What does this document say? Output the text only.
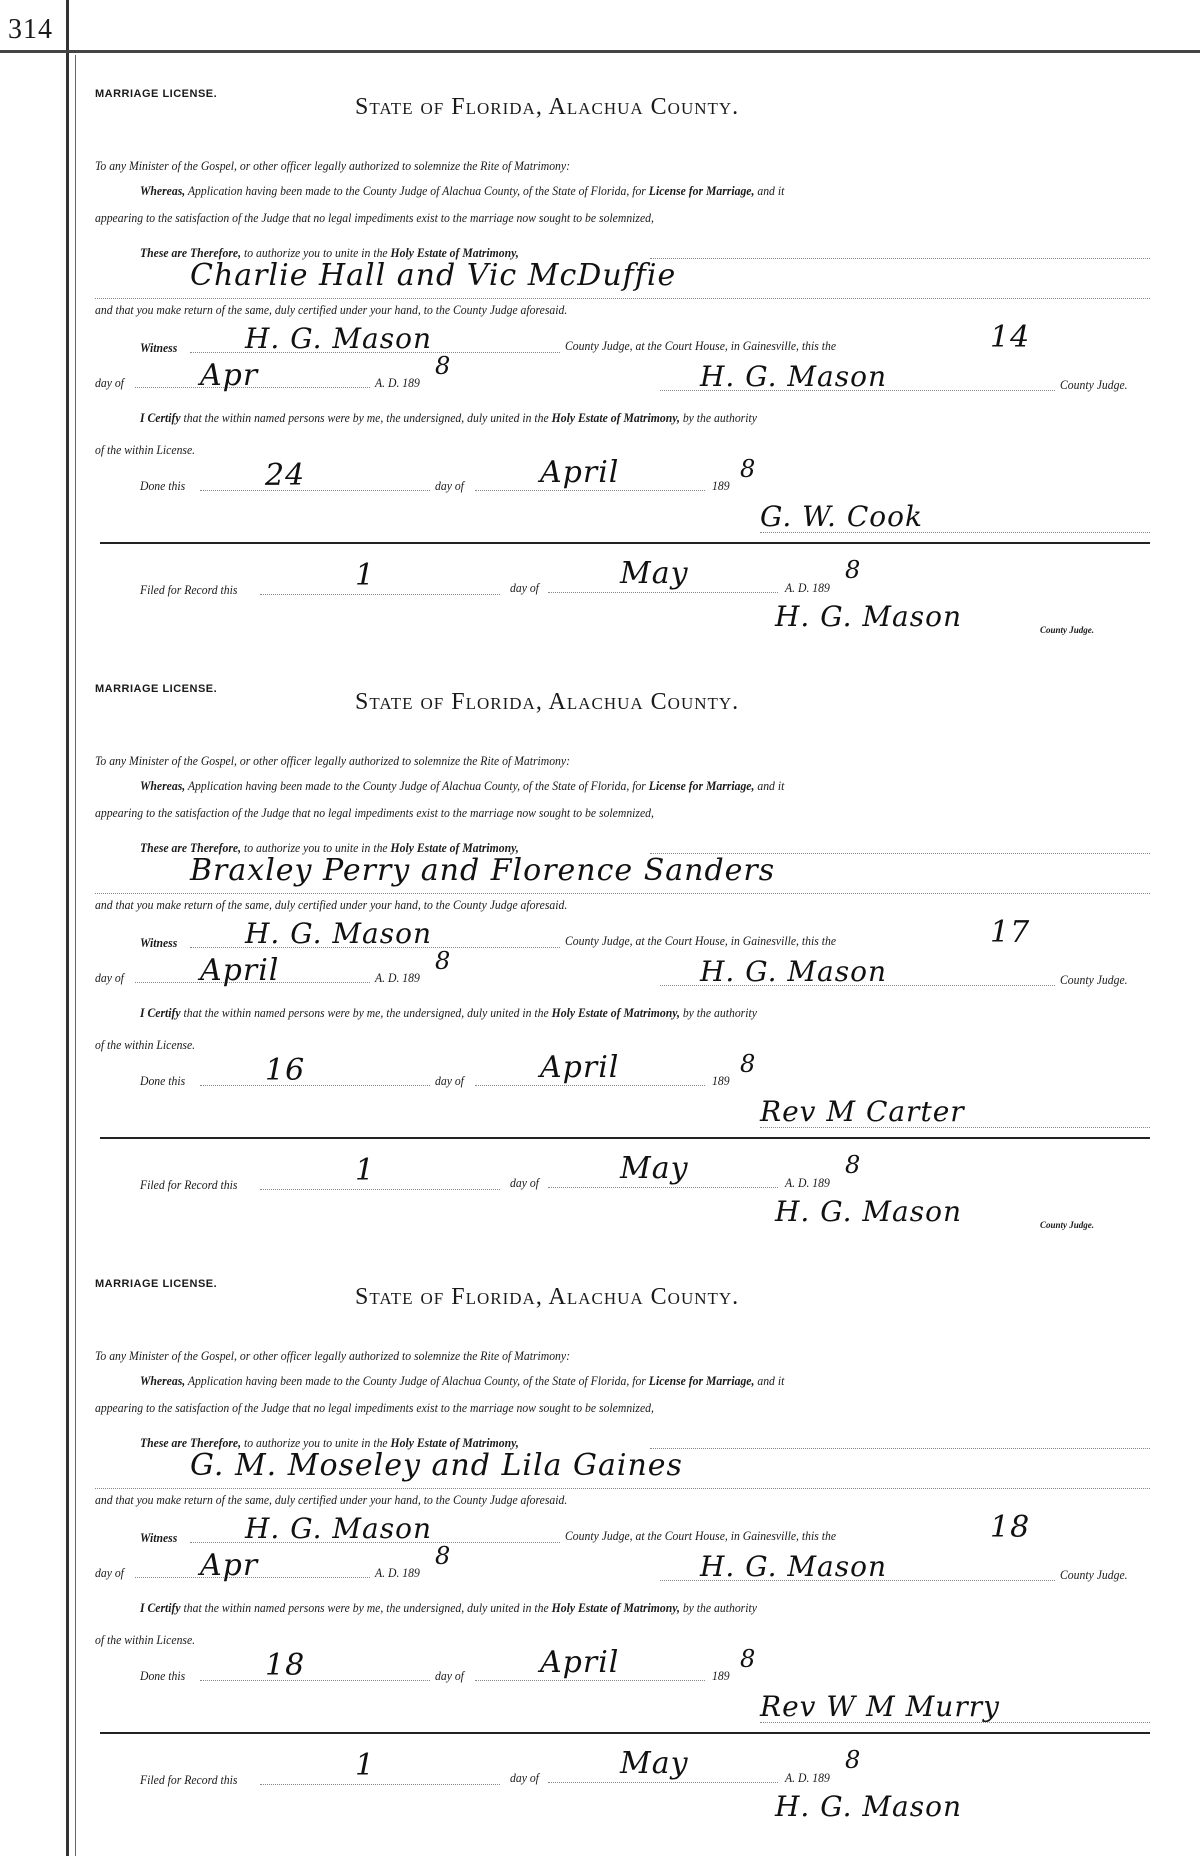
314
MARRIAGE LICENSE.	State of Florida, Alachua County.
To any Minister of the Gospel, or other officer legally authorized to solemnize the Rite of Matrimony:
Whereas, Application having been made to the County Judge of Alachua County, of the State of Florida, for License for Marriage, and it
appearing to the satisfaction of the Judge that no legal impediments exist to the marriage now sought to be solemnized,
These are Therefore, to authorize you to unite in the Holy Estate of Matrimony,
Charlie Hall and Vic McDuffie
and that you make return of the same, duly certified under your hand, to the County Judge aforesaid.
Witness H. G. Mason	County Judge, at the Court House, in Gainesville, this the	14
day of	Apr	A. D. 189
8	H. G. Mason	County Judge.
I Certify that the within named persons were by me, the undersigned, duly united in the Holy Estate of Matrimony, by the authority
of the within License.
Done this	24	day of	April	189
8
G. W. Cook
Filed for Record this	1	day of	May	A. D. 189
8
H. G. Mason	County Judge.
MARRIAGE LICENSE.	State of Florida, Alachua County.
To any Minister of the Gospel, or other officer legally authorized to solemnize the Rite of Matrimony:
Whereas, Application having been made to the County Judge of Alachua County, of the State of Florida, for License for Marriage, and it
appearing to the satisfaction of the Judge that no legal impediments exist to the marriage now sought to be solemnized,
These are Therefore, to authorize you to unite in the Holy Estate of Matrimony,
Braxley Perry and Florence Sanders
and that you make return of the same, duly certified under your hand, to the County Judge aforesaid.
Witness H. G. Mason	County Judge, at the Court House, in Gainesville, this the	17
day of	April	A. D. 189
8	H. G. Mason	County Judge.
I Certify that the within named persons were by me, the undersigned, duly united in the Holy Estate of Matrimony, by the authority
of the within License.
Done this	16	day of	April	189
8
Rev M Carter
Filed for Record this	1	day of	May	A. D. 189
8
H. G. Mason	County Judge.
MARRIAGE LICENSE.	State of Florida, Alachua County.
To any Minister of the Gospel, or other officer legally authorized to solemnize the Rite of Matrimony:
Whereas, Application having been made to the County Judge of Alachua County, of the State of Florida, for License for Marriage, and it
appearing to the satisfaction of the Judge that no legal impediments exist to the marriage now sought to be solemnized,
These are Therefore, to authorize you to unite in the Holy Estate of Matrimony,
G. M. Moseley and Lila Gaines
and that you make return of the same, duly certified under your hand, to the County Judge aforesaid.
Witness H. G. Mason	County Judge, at the Court House, in Gainesville, this the	18
day of	Apr	A. D. 189
8	H. G. Mason	County Judge.
I Certify that the within named persons were by me, the undersigned, duly united in the Holy Estate of Matrimony, by the authority
of the within License.
Done this	18	day of	April	189
8
Rev W M Murry
Filed for Record this	1	day of	May	A. D. 189
8
H. G. Mason
